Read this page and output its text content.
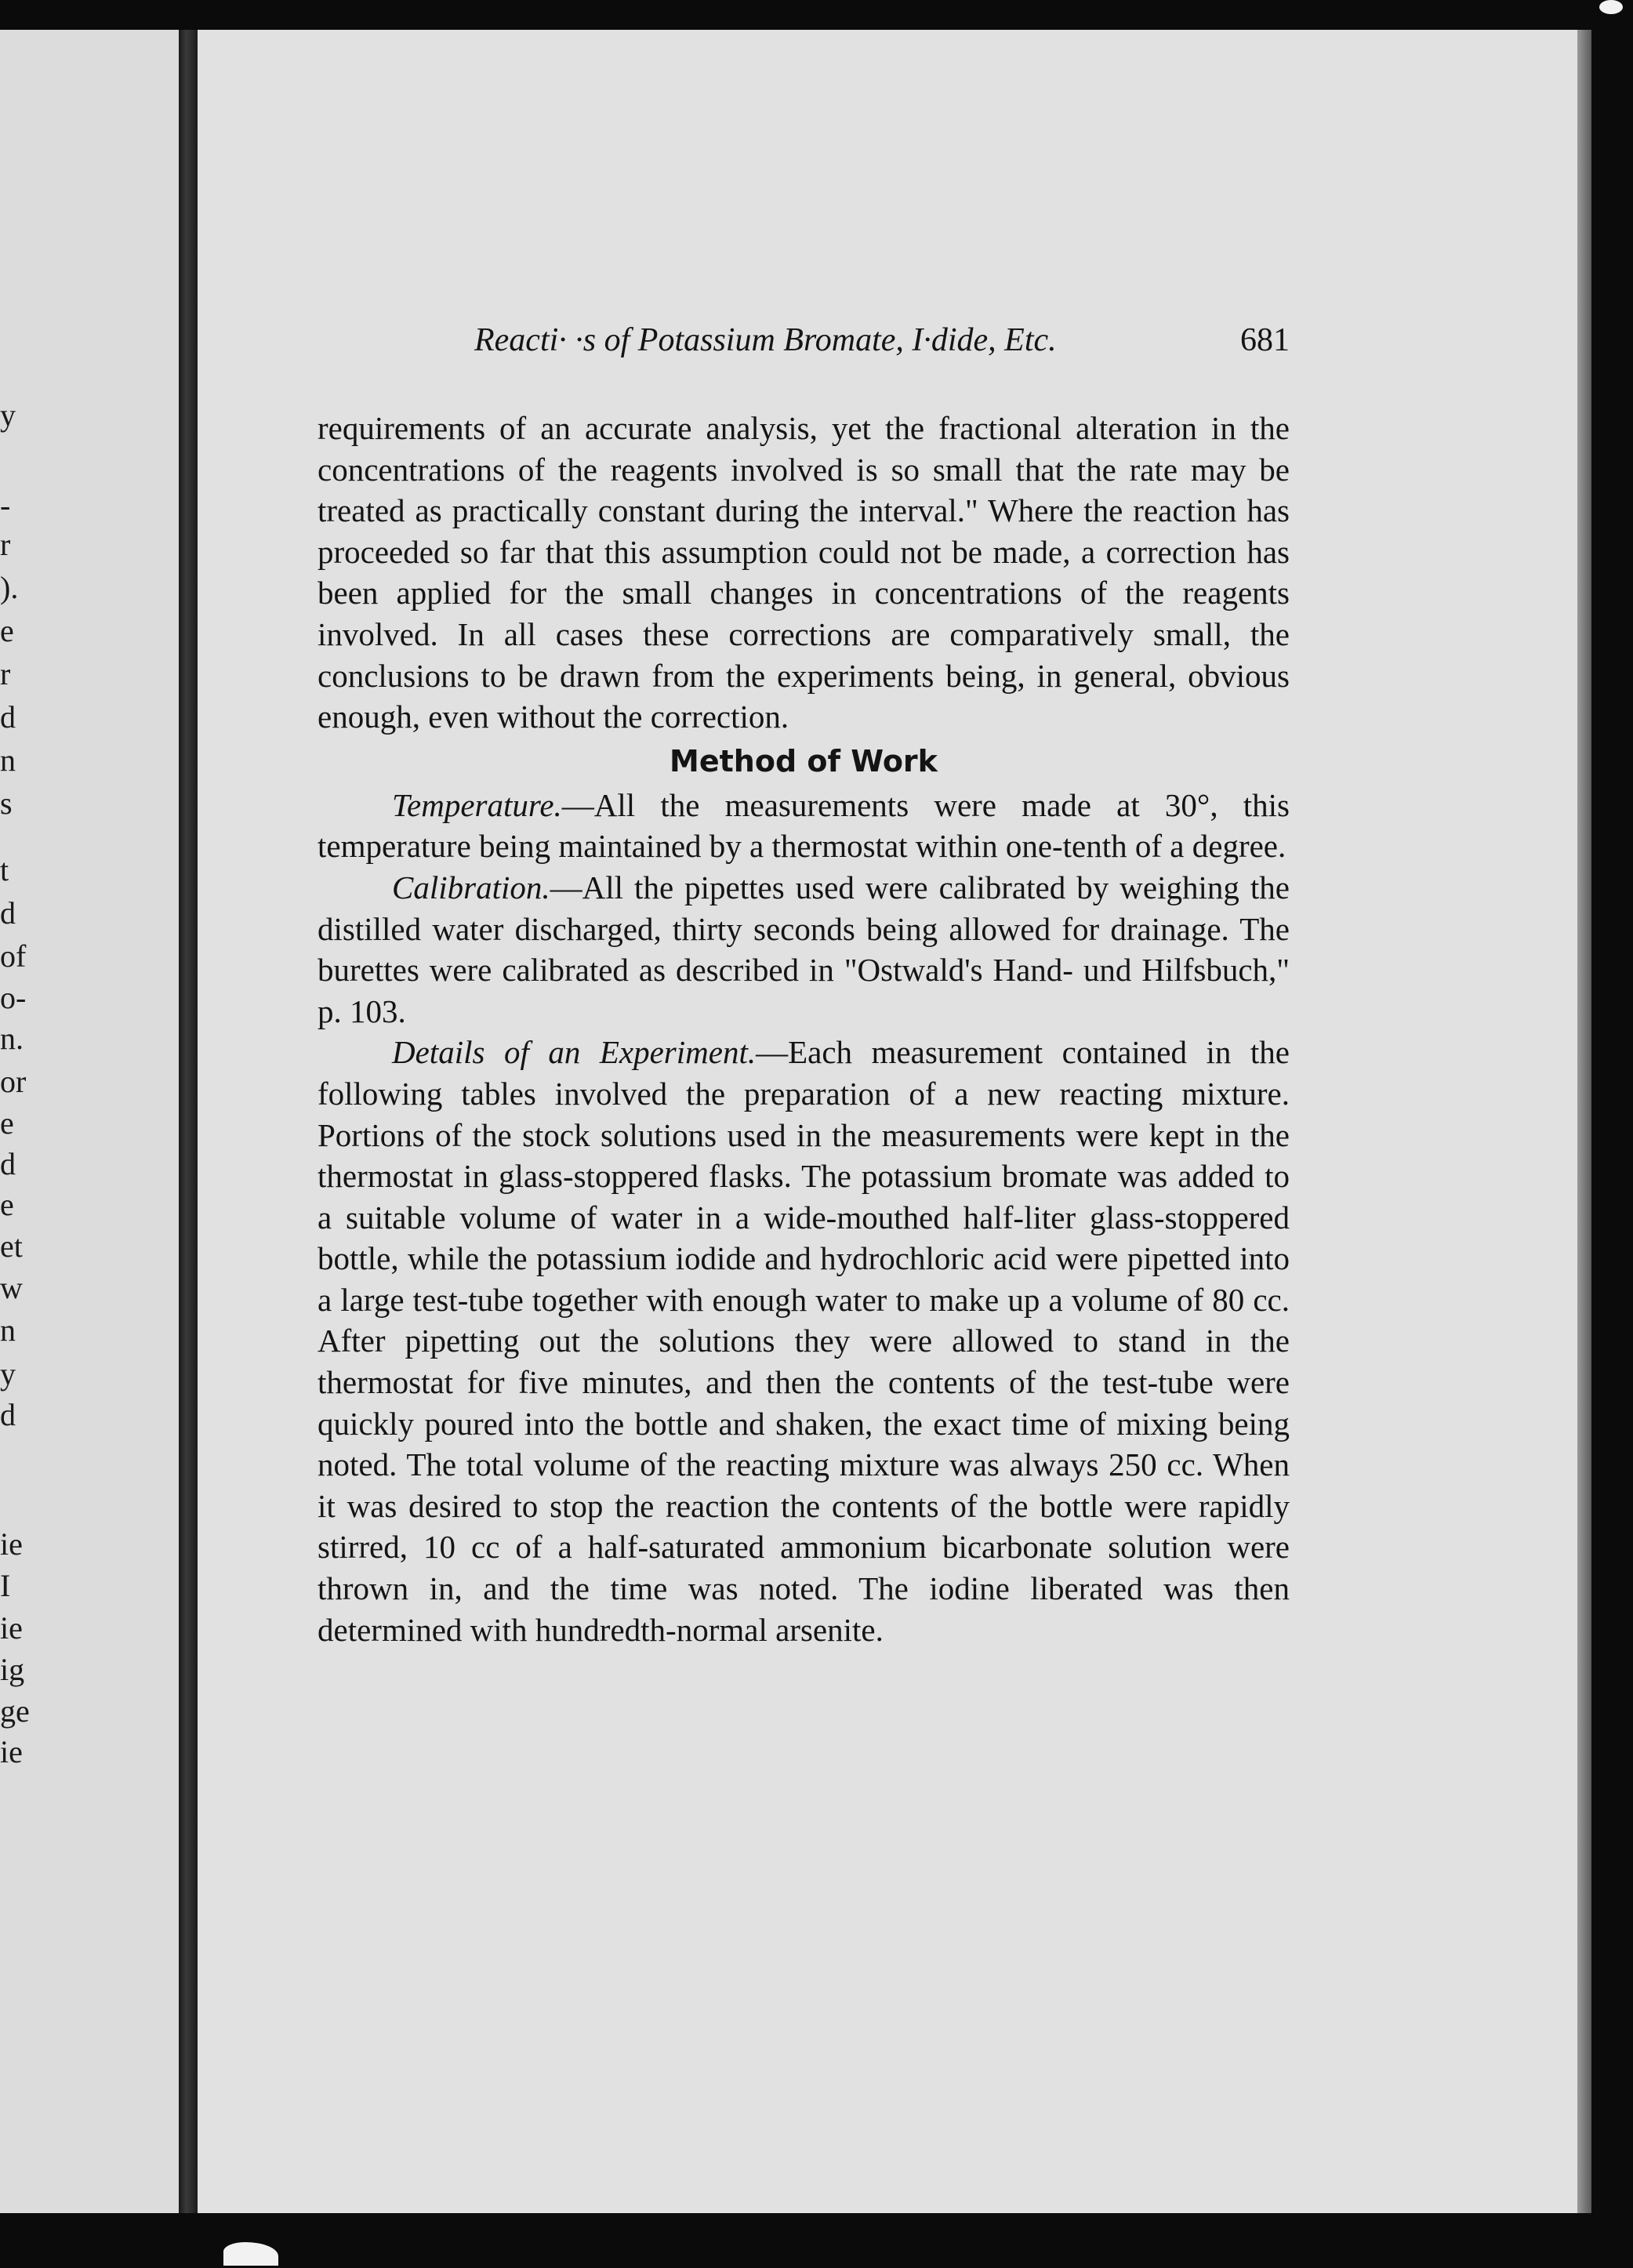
y
-
r
).
e
r
d
n
s
t
d
of
o-
n.
or
e
d
e
et
w
n
y
d
ie
I
ie
ig
ge
ie
Reacti· ·s of Potassium Bromate, I·dide, Etc.	681

requirements of an accurate analysis, yet the fractional alteration in the concentrations of the reagents involved is so small that the rate may be treated as practically constant during the interval." Where the reaction has proceeded so far that this assumption could not be made, a correction has been applied for the small changes in concentrations of the reagents involved. In all cases these corrections are comparatively small, the conclusions to be drawn from the experiments being, in general, obvious enough, even without the correction.

Method of Work

Temperature.—All the measurements were made at 30°, this temperature being maintained by a thermostat within one-tenth of a degree.

Calibration.—All the pipettes used were calibrated by weighing the distilled water discharged, thirty seconds being allowed for drainage. The burettes were calibrated as described in "Ostwald's Hand- und Hilfsbuch," p. 103.

Details of an Experiment.—Each measurement contained in the following tables involved the preparation of a new reacting mixture. Portions of the stock solutions used in the measurements were kept in the thermostat in glass-stoppered flasks. The potassium bromate was added to a suitable volume of water in a wide-mouthed half-liter glass-stoppered bottle, while the potassium iodide and hydrochloric acid were pipetted into a large test-tube together with enough water to make up a volume of 80 cc. After pipetting out the solutions they were allowed to stand in the thermostat for five minutes, and then the contents of the test-tube were quickly poured into the bottle and shaken, the exact time of mixing being noted. The total volume of the reacting mixture was always 250 cc. When it was desired to stop the reaction the contents of the bottle were rapidly stirred, 10 cc of a half-saturated ammonium bicarbonate solution were thrown in, and the time was noted. The iodine liberated was then determined with hundredth-normal arsenite.
